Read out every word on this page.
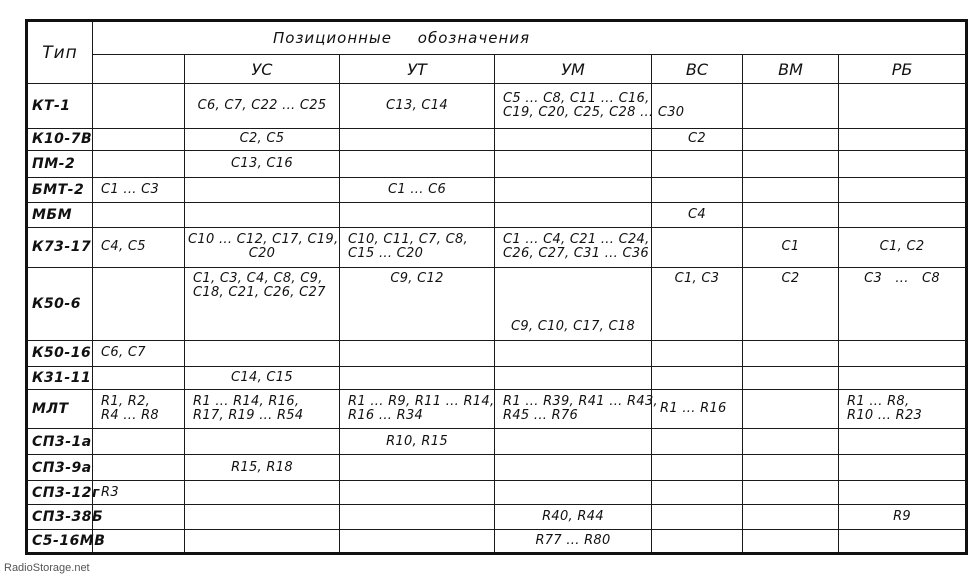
Тип	Позиционные обозначения						
		УС	УТ	УМ	ВС	ВМ	РБ
КТ-1		С6, С7, С22 ... С25	С13, С14	С5 ... С8, С11 ... С16,
С19, С20, С25, С28 ... С30			
К10-7В		С2, С5			С2		
ПМ-2		С13, С16					
БМТ-2	С1 ... С3		С1 ... С6				
МБМ					С4		
К73-17	С4, С5	С10 ... С12, С17, С19,
С20	С10, С11, С7, С8,
С15 ... С20	С1 ... С4, С21 ... С24,
С26, С27, С31 ... С36		С1	С1, С2
К50-6		С1, С3, С4, С8, С9,
С18, С21, С26, С27	С9, С12	С9, С10, С17, С18	С1, С3	С2	С3   ...   С8
К50-16	С6, С7						
К31-11		С14, С15					
МЛТ	R1, R2,
R4 ... R8	R1 ... R14, R16,
R17, R19 ... R54	R1 ... R9, R11 ... R14,
R16 ... R34	R1 ... R39, R41 ... R43,
R45 ... R76	R1 ... R16		R1 ... R8,
R10 ... R23
СП3-1а			R10, R15				
СП3-9а		R15, R18					
СП3-12г	R3						
СП3-38Б				R40, R44			R9
С5-16МВ				R77 ... R80			
RadioStorage.net
